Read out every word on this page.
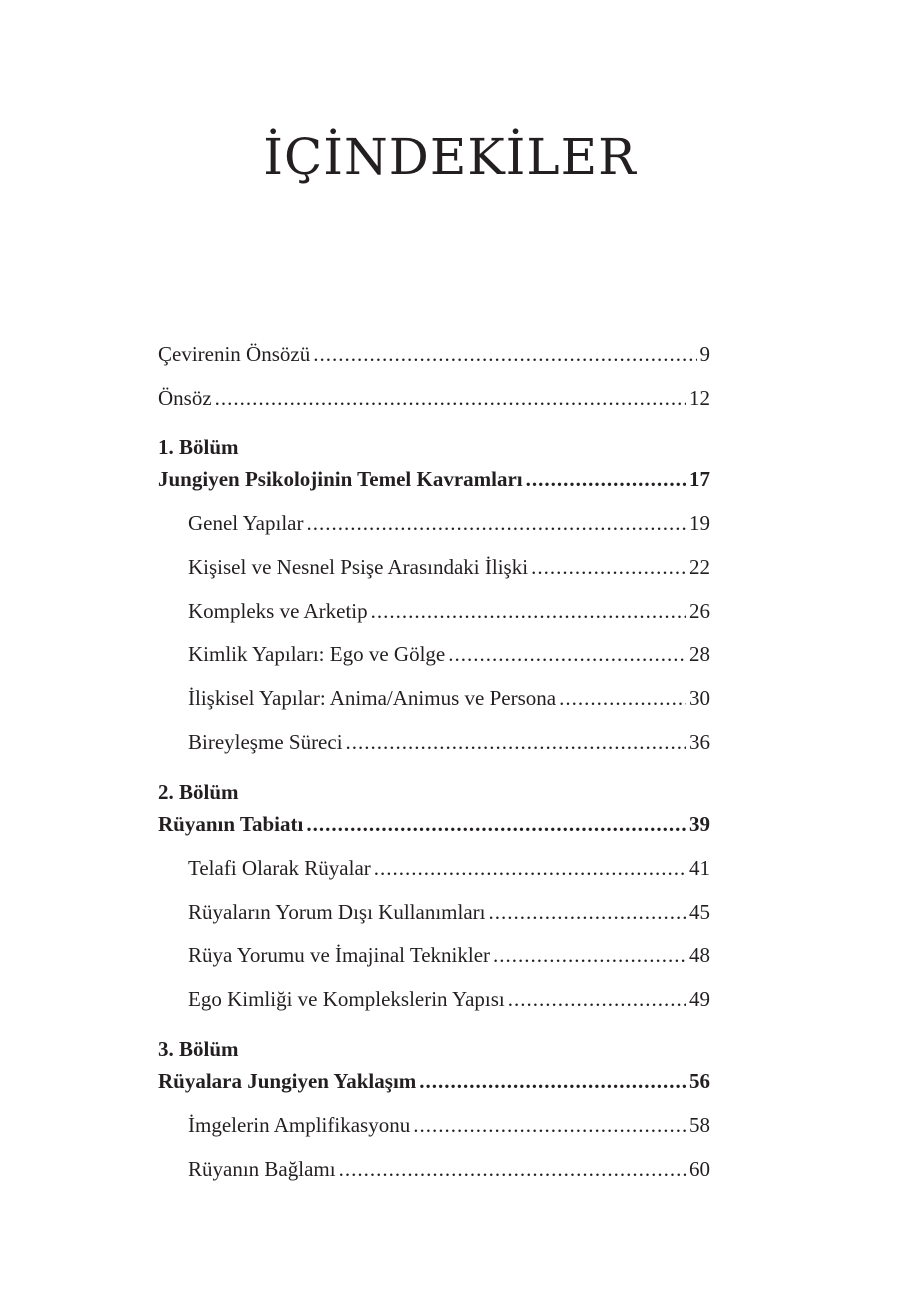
İÇİNDEKİLER
Çevirenin Önsözü .....	9
Önsöz .....	12
1. Bölüm
Jungiyen Psikolojinin Temel Kavramları .....	17
Genel Yapılar .....	19
Kişisel ve Nesnel Psişe Arasındaki İlişki .....	22
Kompleks ve Arketip .....	26
Kimlik Yapıları: Ego ve Gölge .....	28
İlişkisel Yapılar: Anima/Animus ve Persona .....	30
Bireyleşme Süreci .....	36
2. Bölüm
Rüyanın Tabiatı .....	39
Telafi Olarak Rüyalar .....	41
Rüyaların Yorum Dışı Kullanımları .....	45
Rüya Yorumu ve İmajinal Teknikler .....	48
Ego Kimliği ve Komplekslerin Yapısı .....	49
3. Bölüm
Rüyalara Jungiyen Yaklaşım .....	56
İmgelerin Amplifikasyonu .....	58
Rüyanın Bağlamı .....	60
